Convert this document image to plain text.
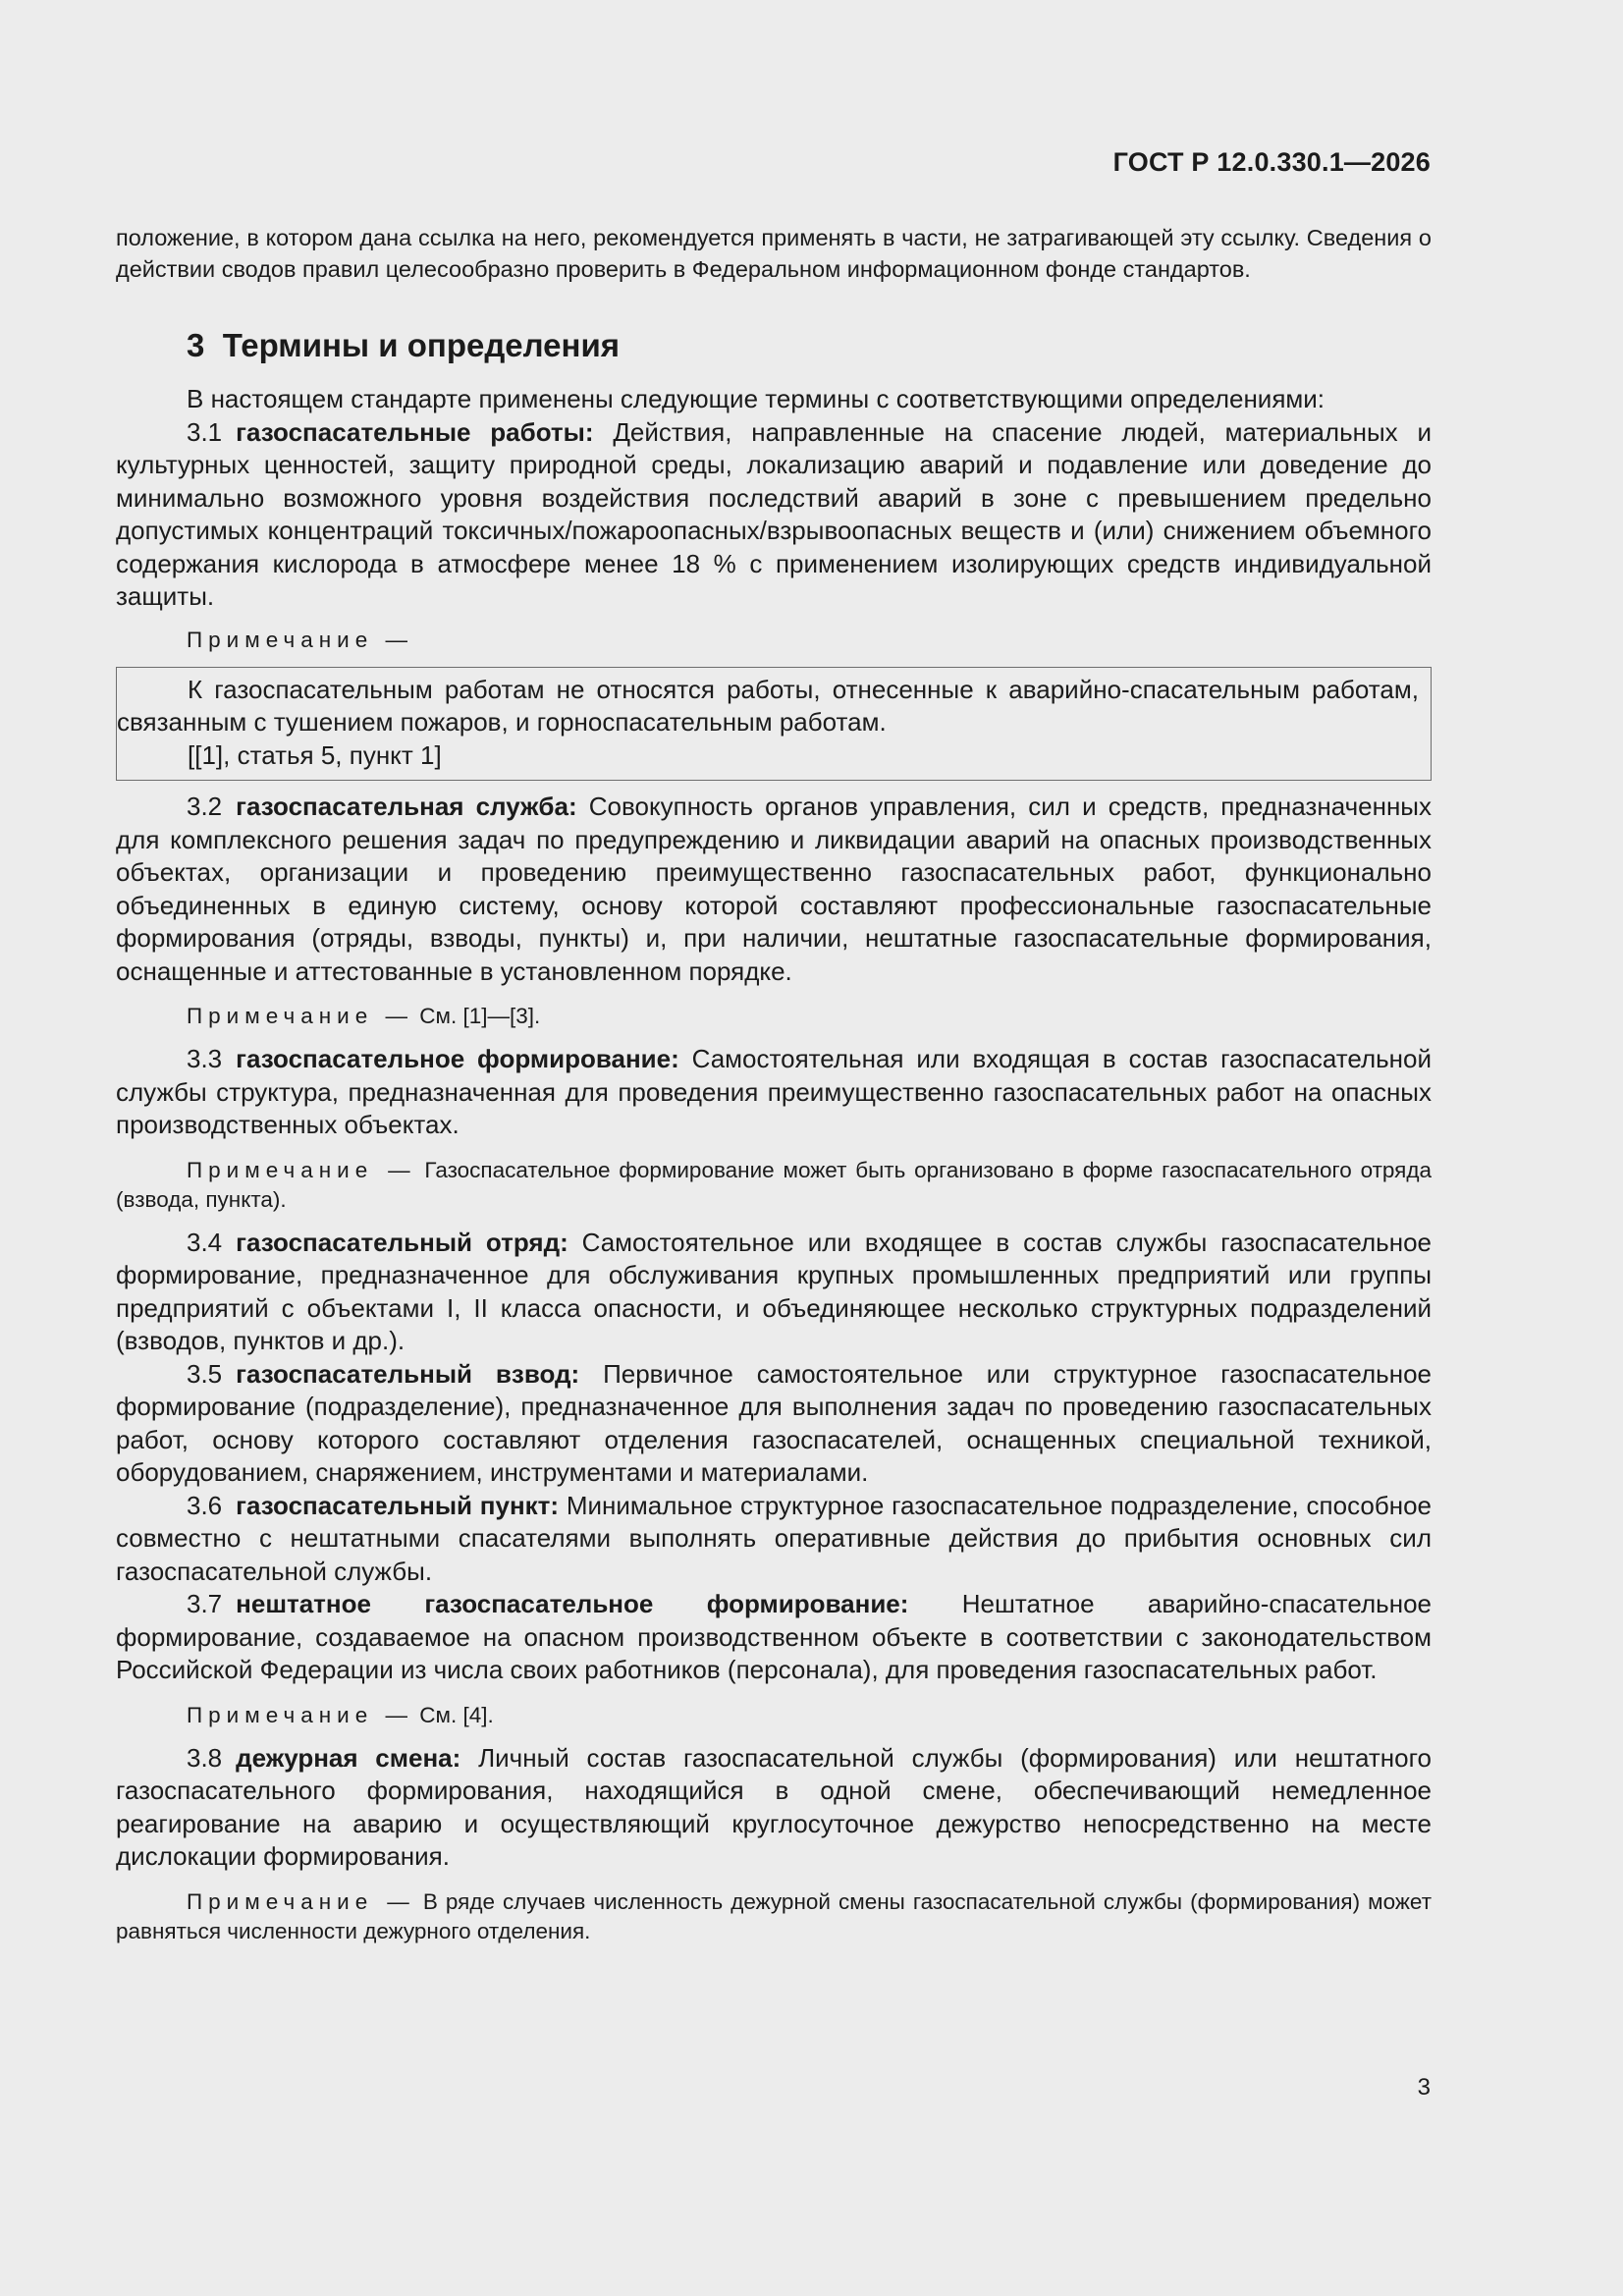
ГОСТ Р 12.0.330.1—2026

положение, в котором дана ссылка на него, рекомендуется применять в части, не затрагивающей эту ссылку. Сведения о действии сводов правил целесообразно проверить в Федеральном информационном фонде стандартов.

3 Термины и определения

В настоящем стандарте применены следующие термины с соответствующими определениями:

3.1 газоспасательные работы: Действия, направленные на спасение людей, материальных и культурных ценностей, защиту природной среды, локализацию аварий и подавление или доведение до минимально возможного уровня воздействия последствий аварий в зоне с превышением предельно допустимых концентраций токсичных/пожароопасных/взрывоопасных веществ и (или) снижением объемного содержания кислорода в атмосфере менее 18 % с применением изолирующих средств индивидуальной защиты.

Примечание —

К газоспасательным работам не относятся работы, отнесенные к аварийно-спасательным работам, связанным с тушением пожаров, и горноспасательным работам.

[[1], статья 5, пункт 1]

3.2 газоспасательная служба: Совокупность органов управления, сил и средств, предназначенных для комплексного решения задач по предупреждению и ликвидации аварий на опасных производственных объектах, организации и проведению преимущественно газоспасательных работ, функционально объединенных в единую систему, основу которой составляют профессиональные газоспасательные формирования (отряды, взводы, пункты) и, при наличии, нештатные газоспасательные формирования, оснащенные и аттестованные в установленном порядке.

Примечание — См. [1]—[3].

3.3 газоспасательное формирование: Самостоятельная или входящая в состав газоспасательной службы структура, предназначенная для проведения преимущественно газоспасательных работ на опасных производственных объектах.

Примечание — Газоспасательное формирование может быть организовано в форме газоспасательного отряда (взвода, пункта).

3.4 газоспасательный отряд: Самостоятельное или входящее в состав службы газоспасательное формирование, предназначенное для обслуживания крупных промышленных предприятий или группы предприятий с объектами I, II класса опасности, и объединяющее несколько структурных подразделений (взводов, пунктов и др.).

3.5 газоспасательный взвод: Первичное самостоятельное или структурное газоспасательное формирование (подразделение), предназначенное для выполнения задач по проведению газоспасательных работ, основу которого составляют отделения газоспасателей, оснащенных специальной техникой, оборудованием, снаряжением, инструментами и материалами.

3.6 газоспасательный пункт: Минимальное структурное газоспасательное подразделение, способное совместно с нештатными спасателями выполнять оперативные действия до прибытия основных сил газоспасательной службы.

3.7 нештатное газоспасательное формирование: Нештатное аварийно-спасательное формирование, создаваемое на опасном производственном объекте в соответствии с законодательством Российской Федерации из числа своих работников (персонала), для проведения газоспасательных работ.

Примечание — См. [4].

3.8 дежурная смена: Личный состав газоспасательной службы (формирования) или нештатного газоспасательного формирования, находящийся в одной смене, обеспечивающий немедленное реагирование на аварию и осуществляющий круглосуточное дежурство непосредственно на месте дислокации формирования.

Примечание — В ряде случаев численность дежурной смены газоспасательной службы (формирования) может равняться численности дежурного отделения.

3
